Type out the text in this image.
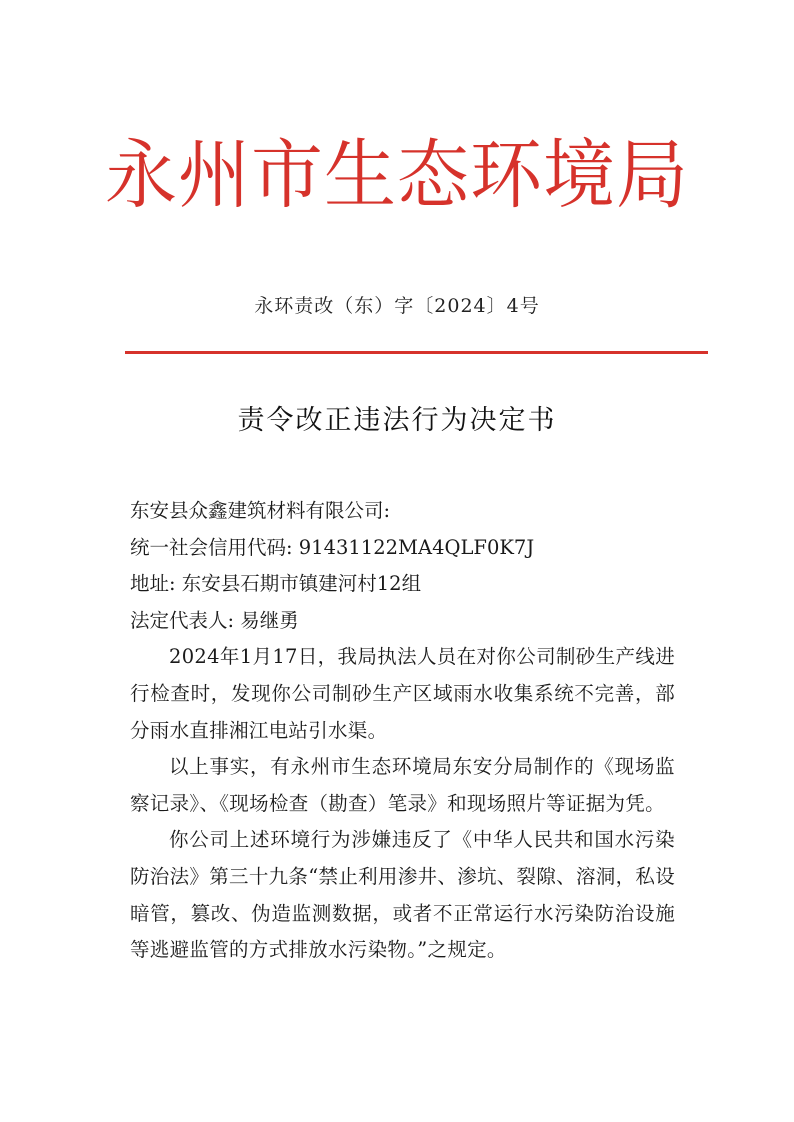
永州市生态环境局
永环责改（东）字〔2024〕4号
责令改正违法行为决定书
东安县众鑫建筑材料有限公司:
统一社会信用代码: 91431122MA4QLF0K7J
地址: 东安县石期市镇建河村12组
法定代表人: 易继勇
2024年1月17日，我局执法人员在对你公司制砂生产线进行检查时，发现你公司制砂生产区域雨水收集系统不完善，部分雨水直排湘江电站引水渠。
以上事实，有永州市生态环境局东安分局制作的《现场监察记录》、《现场检查（勘查）笔录》和现场照片等证据为凭。
你公司上述环境行为涉嫌违反了《中华人民共和国水污染防治法》第三十九条“禁止利用渗井、渗坑、裂隙、溶洞，私设暗管，篡改、伪造监测数据，或者不正常运行水污染防治设施等逃避监管的方式排放水污染物。”之规定。
